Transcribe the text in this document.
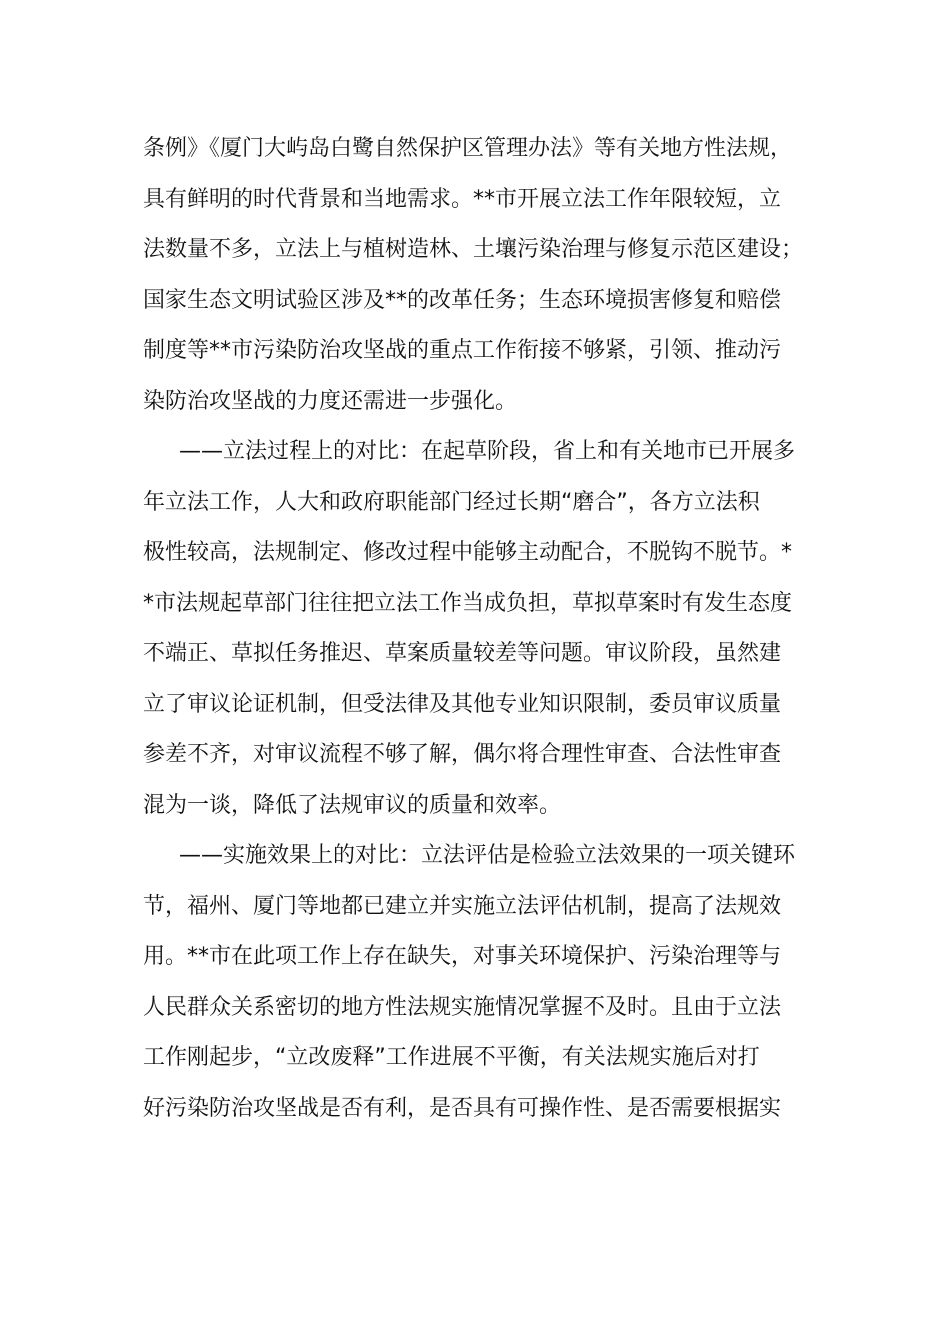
条例》《厦门大屿岛白鹭自然保护区管理办法》等有关地方性法规，
具有鲜明的时代背景和当地需求。**市开展立法工作年限较短，立
法数量不多，立法上与植树造林、土壤污染治理与修复示范区建设；
国家生态文明试验区涉及**的改革任务；生态环境损害修复和赔偿
制度等**市污染防治攻坚战的重点工作衔接不够紧，引领、推动污
染防治攻坚战的力度还需进一步强化。
——立法过程上的对比：在起草阶段，省上和有关地市已开展多
年立法工作，人大和政府职能部门经过长期“磨合”，各方立法积
极性较高，法规制定、修改过程中能够主动配合，不脱钩不脱节。*
*市法规起草部门往往把立法工作当成负担，草拟草案时有发生态度
不端正、草拟任务推迟、草案质量较差等问题。审议阶段，虽然建
立了审议论证机制，但受法律及其他专业知识限制，委员审议质量
参差不齐，对审议流程不够了解，偶尔将合理性审查、合法性审查
混为一谈，降低了法规审议的质量和效率。
——实施效果上的对比：立法评估是检验立法效果的一项关键环
节，福州、厦门等地都已建立并实施立法评估机制，提高了法规效
用。**市在此项工作上存在缺失，对事关环境保护、污染治理等与
人民群众关系密切的地方性法规实施情况掌握不及时。且由于立法
工作刚起步，“立改废释”工作进展不平衡，有关法规实施后对打
好污染防治攻坚战是否有利，是否具有可操作性、是否需要根据实
